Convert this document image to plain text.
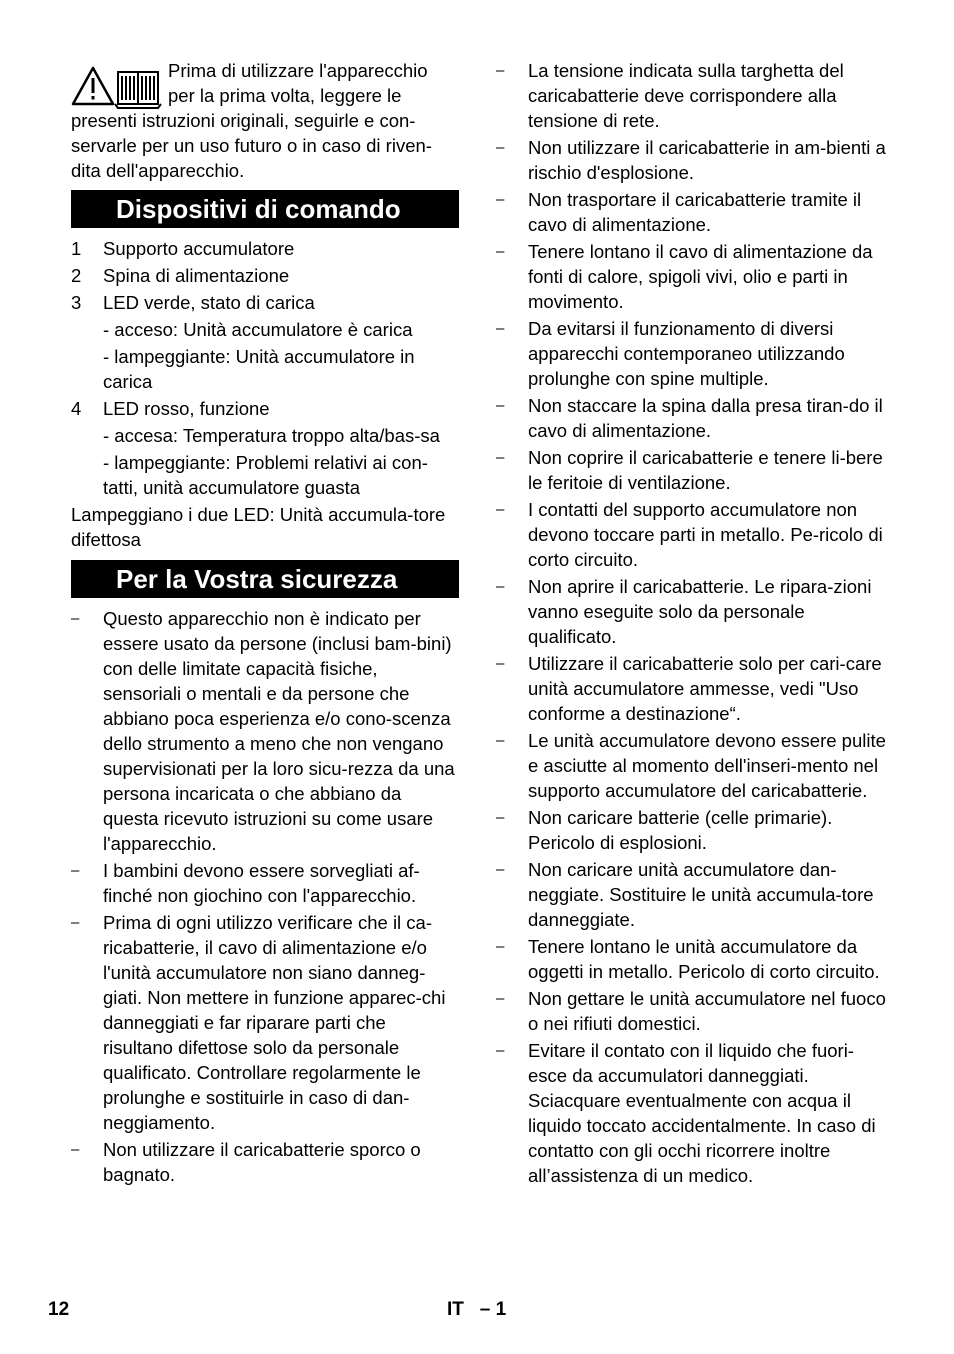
Prima di utilizzare l'apparecchio
per la prima volta, leggere le
presenti istruzioni originali, seguirle e con-
servarle per un uso futuro o in caso di riven-
dita dell'apparecchio.

Dispositivi di comando
1 Supporto accumulatore
2 Spina di alimentazione
3 LED verde, stato di carica
- acceso: Unità accumulatore è carica
- lampeggiante: Unità accumulatore in carica
4 LED rosso, funzione
- accesa: Temperatura troppo alta/bas-sa
- lampeggiante: Problemi relativi ai con-tatti, unità accumulatore guasta

Lampeggiano i due LED: Unità accumula-tore difettosa

Per la Vostra sicurezza
– Questo apparecchio non è indicato per essere usato da persone (inclusi bam-bini) con delle limitate capacità fisiche, sensoriali o mentali e da persone che abbiano poca esperienza e/o cono-scenza dello strumento a meno che non vengano supervisionati per la loro sicu-rezza da una persona incaricata o che abbiano da questa ricevuto istruzioni su come usare l'apparecchio.
– I bambini devono essere sorvegliati af-finché non giochino con l'apparecchio.
– Prima di ogni utilizzo verificare che il ca-ricabatterie, il cavo di alimentazione e/o l'unità accumulatore non siano danneg-giati. Non mettere in funzione apparec-chi danneggiati e far riparare parti che risultano difettose solo da personale qualificato. Controllare regolarmente le prolunghe e sostituirle in caso di dan-neggiamento.
– Non utilizzare il caricabatterie sporco o bagnato.
– La tensione indicata sulla targhetta del caricabatterie deve corrispondere alla tensione di rete.
– Non utilizzare il caricabatterie in am-bienti a rischio d'esplosione.
– Non trasportare il caricabatterie tramite il cavo di alimentazione.
– Tenere lontano il cavo di alimentazione da fonti di calore, spigoli vivi, olio e parti in movimento.
– Da evitarsi il funzionamento di diversi apparecchi contemporaneo utilizzando prolunghe con spine multiple.
– Non staccare la spina dalla presa tiran-do il cavo di alimentazione.
– Non coprire il caricabatterie e tenere li-bere le feritoie di ventilazione.
– I contatti del supporto accumulatore non devono toccare parti in metallo. Pe-ricolo di corto circuito.
– Non aprire il caricabatterie. Le ripara-zioni vanno eseguite solo da personale qualificato.
– Utilizzare il caricabatterie solo per cari-care unità accumulatore ammesse, vedi "Uso conforme a destinazione“.
– Le unità accumulatore devono essere pulite e asciutte al momento dell'inseri-mento nel supporto accumulatore del caricabatterie.
– Non caricare batterie (celle primarie). Pericolo di esplosioni.
– Non caricare unità accumulatore dan-neggiate. Sostituire le unità accumula-tore danneggiate.
– Tenere lontano le unità accumulatore da oggetti in metallo. Pericolo di corto circuito.
– Non gettare le unità accumulatore nel fuoco o nei rifiuti domestici.
– Evitare il contato con il liquido che fuori-esce da accumulatori danneggiati. Sciacquare eventualmente con acqua il liquido toccato accidentalmente. In caso di contatto con gli occhi ricorrere inoltre all’assistenza di un medico.
12	IT   – 1
